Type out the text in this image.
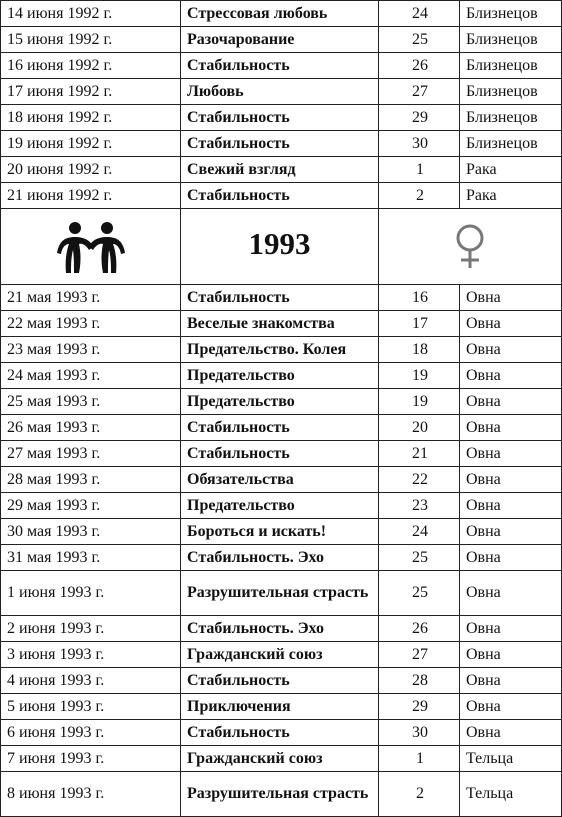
14 июня 1992 г.	Стрессовая любовь	24	Близнецов
15 июня 1992 г.	Разочарование	25	Близнецов
16 июня 1992 г.	Стабильность	26	Близнецов
17 июня 1992 г.	Любовь	27	Близнецов
18 июня 1992 г.	Стабильность	29	Близнецов
19 июня 1992 г.	Стабильность	30	Близнецов
20 июня 1992 г.	Свежий взгляд	1	Рака
21 июня 1992 г.	Стабильность	2	Рака

	1993	

21 мая 1993 г.	Стабильность	16	Овна
22 мая 1993 г.	Веселые знакомства	17	Овна
23 мая 1993 г.	Предательство. Колея	18	Овна
24 мая 1993 г.	Предательство	19	Овна
25 мая 1993 г.	Предательство	19	Овна
26 мая 1993 г.	Стабильность	20	Овна
27 мая 1993 г.	Стабильность	21	Овна
28 мая 1993 г.	Обязательства	22	Овна
29 мая 1993 г.	Предательство	23	Овна
30 мая 1993 г.	Бороться и искать!	24	Овна
31 мая 1993 г.	Стабильность. Эхо	25	Овна
1 июня 1993 г.	Разрушительная страсть	25	Овна
2 июня 1993 г.	Стабильность. Эхо	26	Овна
3 июня 1993 г.	Гражданский союз	27	Овна
4 июня 1993 г.	Стабильность	28	Овна
5 июня 1993 г.	Приключения	29	Овна
6 июня 1993 г.	Стабильность	30	Овна
7 июня 1993 г.	Гражданский союз	1	Тельца
8 июня 1993 г.	Разрушительная страсть	2	Тельца
